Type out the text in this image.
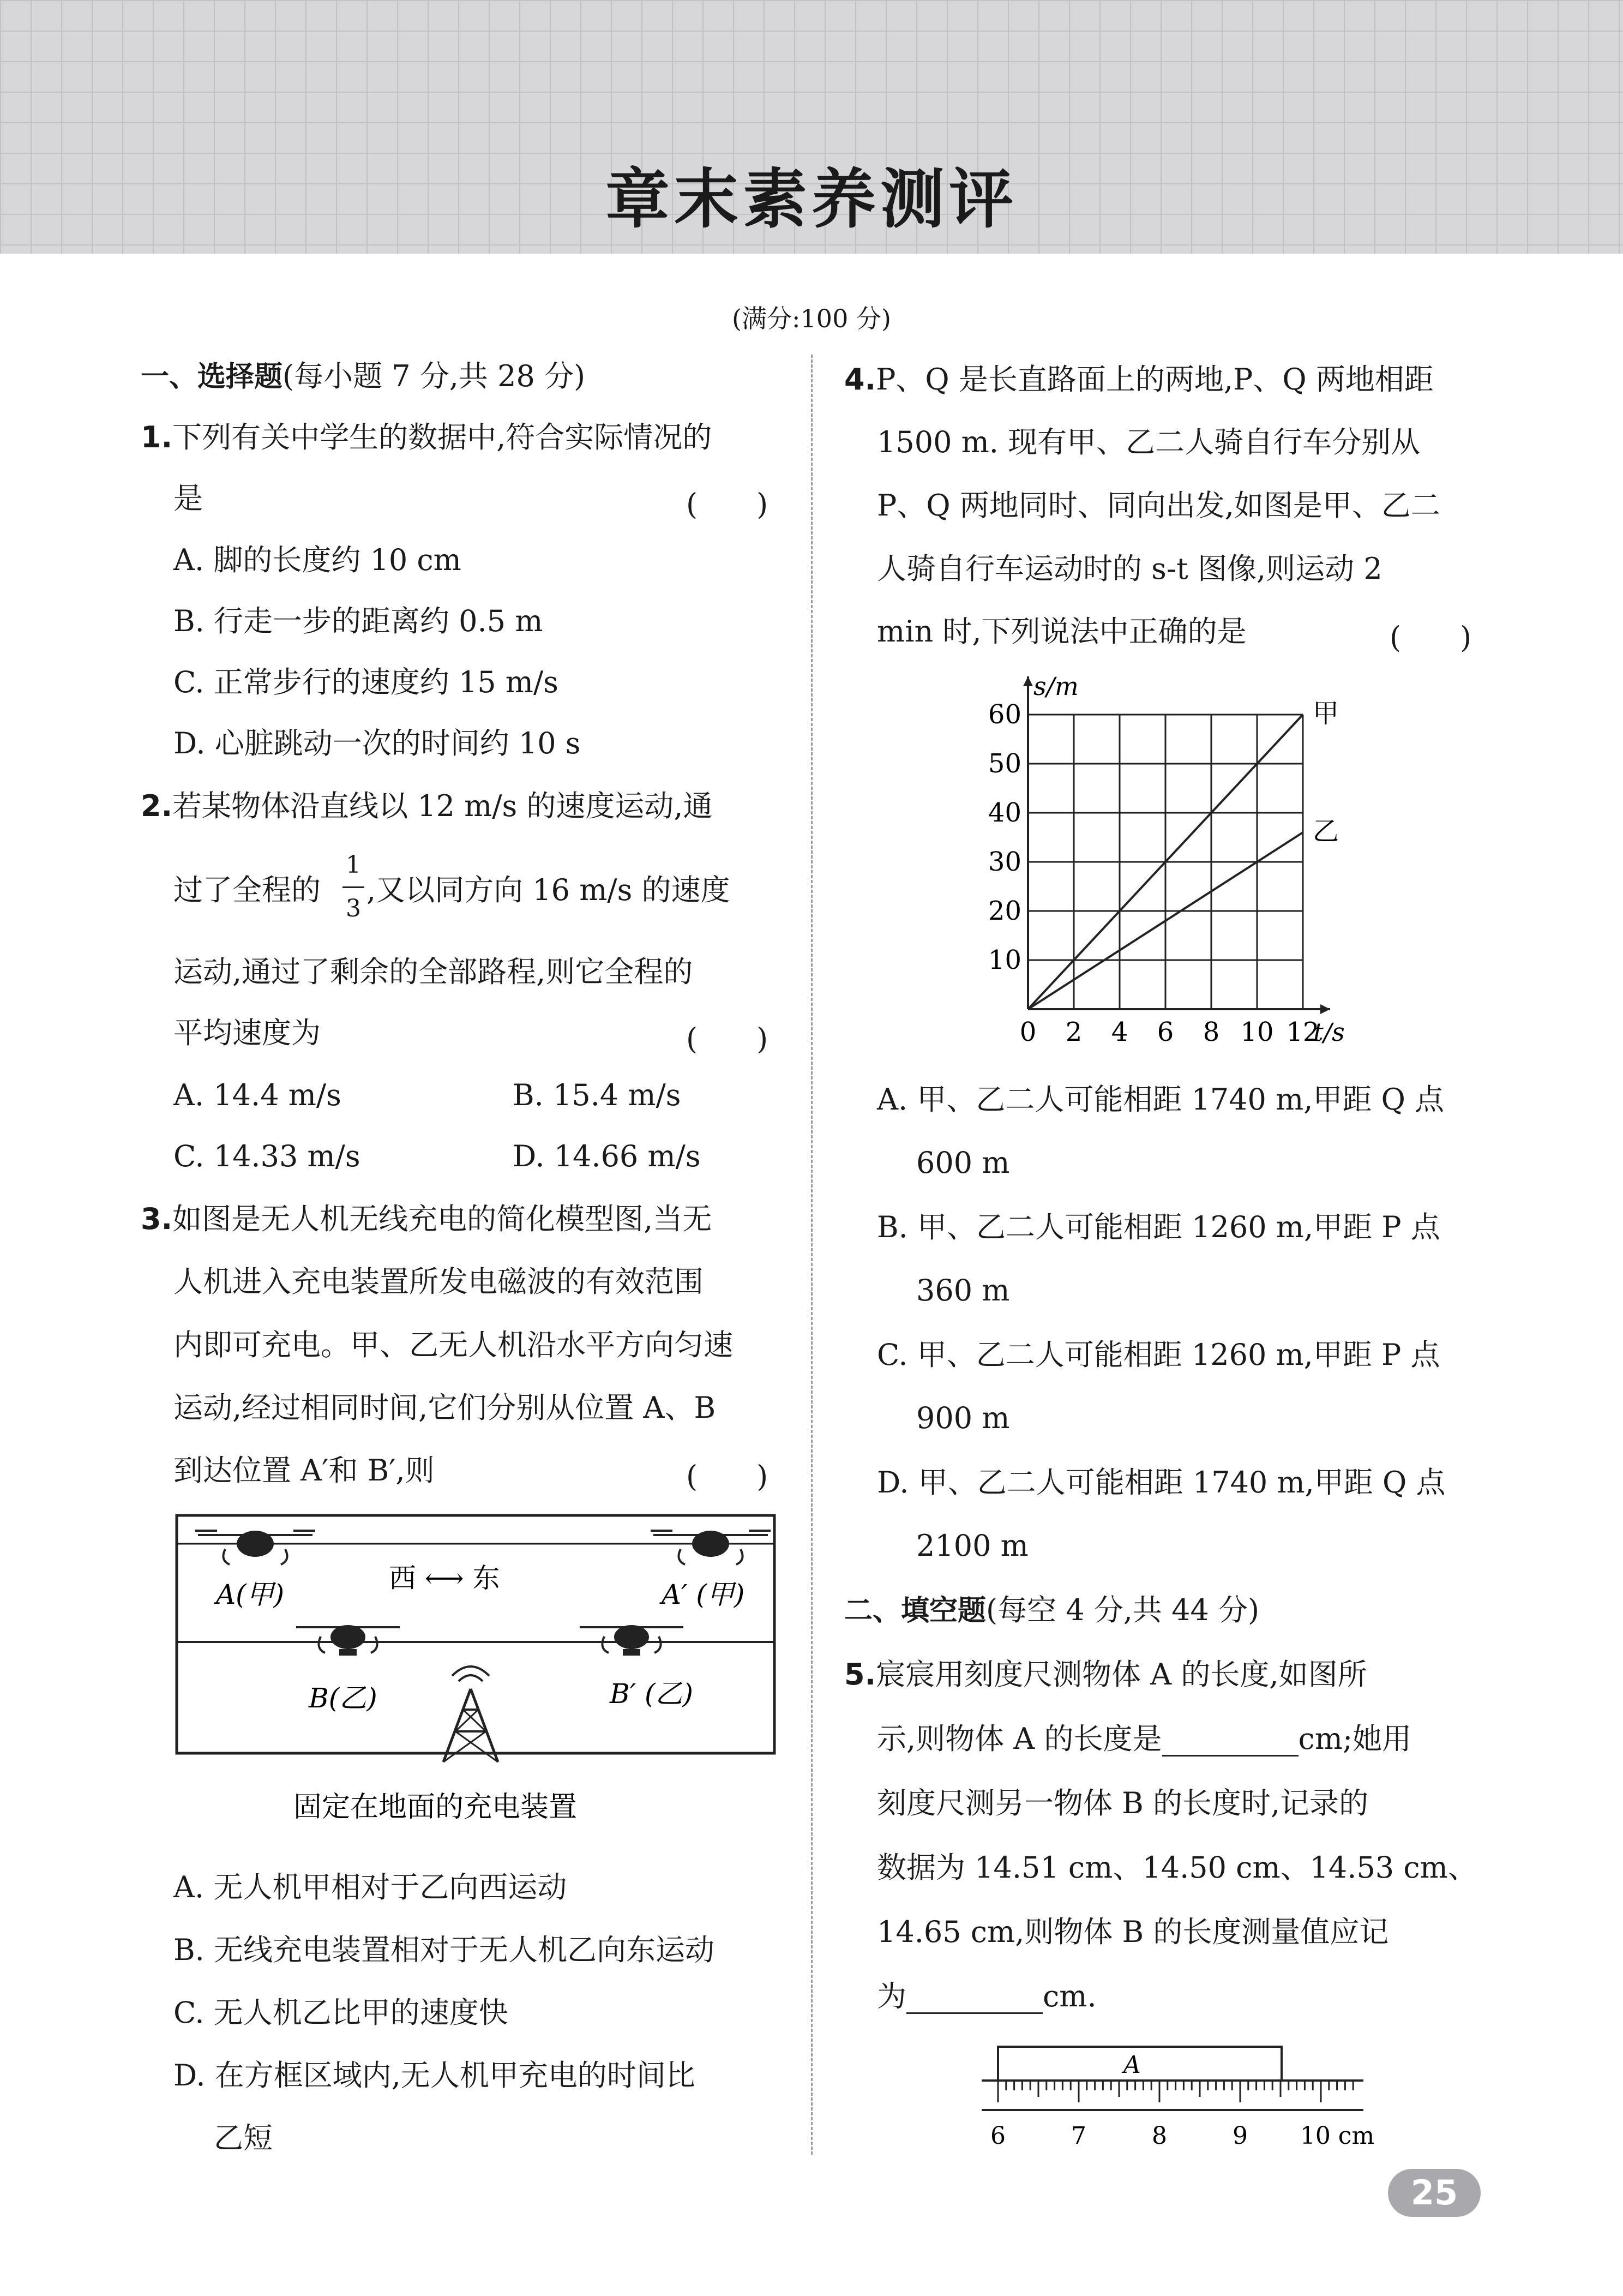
章末素养测评
(满分:100 分)
一、选择题(每小题 7 分,共 28 分)
1.下列有关中学生的数据中,符合实际情况的
是	(　　)
A. 脚的长度约 10 cm
B. 行走一步的距离约 0.5 m
C. 正常步行的速度约 15 m/s
D. 心脏跳动一次的时间约 10 s
2.若某物体沿直线以 12 m/s 的速度运动,通
过了全程的
1
3
,又以同方向 16 m/s 的速度
运动,通过了剩余的全部路程,则它全程的
平均速度为	(　　)
A. 14.4 m/s	B. 15.4 m/s
C. 14.33 m/s	D. 14.66 m/s
3.如图是无人机无线充电的简化模型图,当无
人机进入充电装置所发电磁波的有效范围
内即可充电。甲、乙无人机沿水平方向匀速
运动,经过相同时间,它们分别从位置 A、B
到达位置 A′和 B′,则	(　　)
A(甲)	A′ (甲)
西 ⟷ 东
B(乙)	B′ (乙)
固定在地面的充电装置
A. 无人机甲相对于乙向西运动
B. 无线充电装置相对于无人机乙向东运动
C. 无人机乙比甲的速度快
D. 在方框区域内,无人机甲充电的时间比
乙短
4.P、Q 是长直路面上的两地,P、Q 两地相距
1500 m. 现有甲、乙二人骑自行车分别从
P、Q 两地同时、同向出发,如图是甲、乙二
人骑自行车运动时的 s-t 图像,则运动 2
min 时,下列说法中正确的是	(　　)
0 2 4 6 8 10 12
10
20
30
40
50
60
t/s
s/m
甲
乙
A. 甲、乙二人可能相距 1740 m,甲距 Q 点
600 m
B. 甲、乙二人可能相距 1260 m,甲距 P 点
360 m
C. 甲、乙二人可能相距 1260 m,甲距 P 点
900 m
D. 甲、乙二人可能相距 1740 m,甲距 Q 点
2100 m
二、填空题(每空 4 分,共 44 分)
5.宸宸用刻度尺测物体 A 的长度,如图所
示,则物体 A 的长度是	cm;她用
刻度尺测另一物体 B 的长度时,记录的
数据为 14.51 cm、14.50 cm、14.53 cm、
14.65 cm,则物体 B 的长度测量值应记
为	cm.
A
6	7	8	9 10 cm
25
